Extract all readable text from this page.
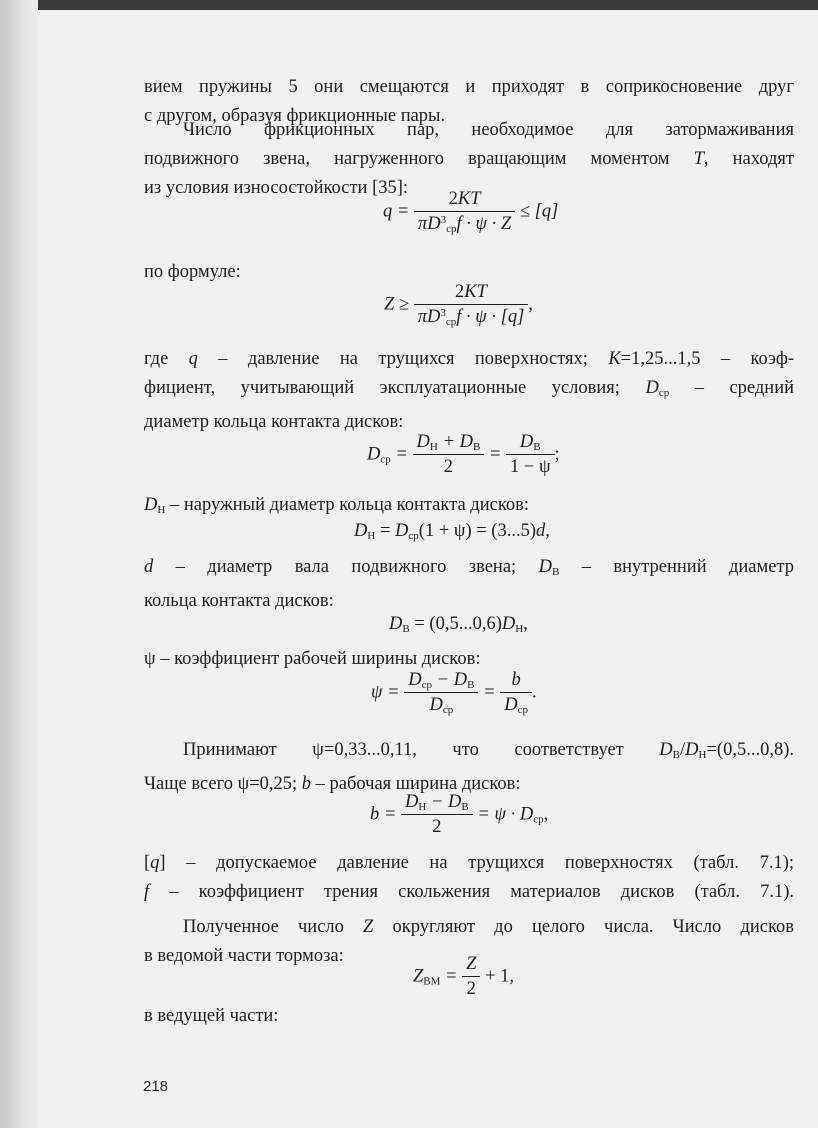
вием пружины 5 они смещаются и приходят в соприкосновение друг
с другом, образуя фрикционные пары.
Число фрикционных пар, необходимое для затормаживания
подвижного звена, нагруженного вращающим моментом T, находят
из условия износостойкости [35]:
$q = \frac{2KT}{\pi D^3_{ср}f \cdot \psi \cdot Z} \le [q]$
по формуле:
$Z \ge \frac{2KT}{\pi D^3_{ср}f \cdot \psi \cdot [q]}$ ,
где q – давление на трущихся поверхностях; K=1,25...1,5 – коэф-
фициент, учитывающий эксплуатационные условия; $D_{ср}$ – средний
диаметр кольца контакта дисков:
$D_{ср} = \frac{D_Н + D_В}{2} = \frac{D_В}{1 - \psi}$ ;
$D_Н$ – наружный диаметр кольца контакта дисков:
$D_Н = D_{ср}(1 + \psi) = (3...5)d$,
d – диаметр вала подвижного звена; $D_В$ – внутренний диаметр
кольца контакта дисков:
$D_В = (0,5...0,6)D_Н$,
ψ – коэффициент рабочей ширины дисков:
$\psi = \frac{D_{ср} - D_В}{D_{ср}} = \frac{b}{D_{ср}}$ .
Принимают ψ=0,33...0,11, что соответствует $D_В/D_Н=(0,5...0,8)$.
Чаще всего ψ=0,25; b – рабочая ширина дисков:
$b = \frac{D_Н - D_В}{2} = \psi \cdot D_{ср}$,
[q] – допускаемое давление на трущихся поверхностях (табл. 7.1);
f – коэффициент трения скольжения материалов дисков (табл. 7.1).
Полученное число Z округляют до целого числа. Число дисков
в ведомой части тормоза:
$Z_{ВМ} = \frac{Z}{2} + 1$,
в ведущей части:
218
